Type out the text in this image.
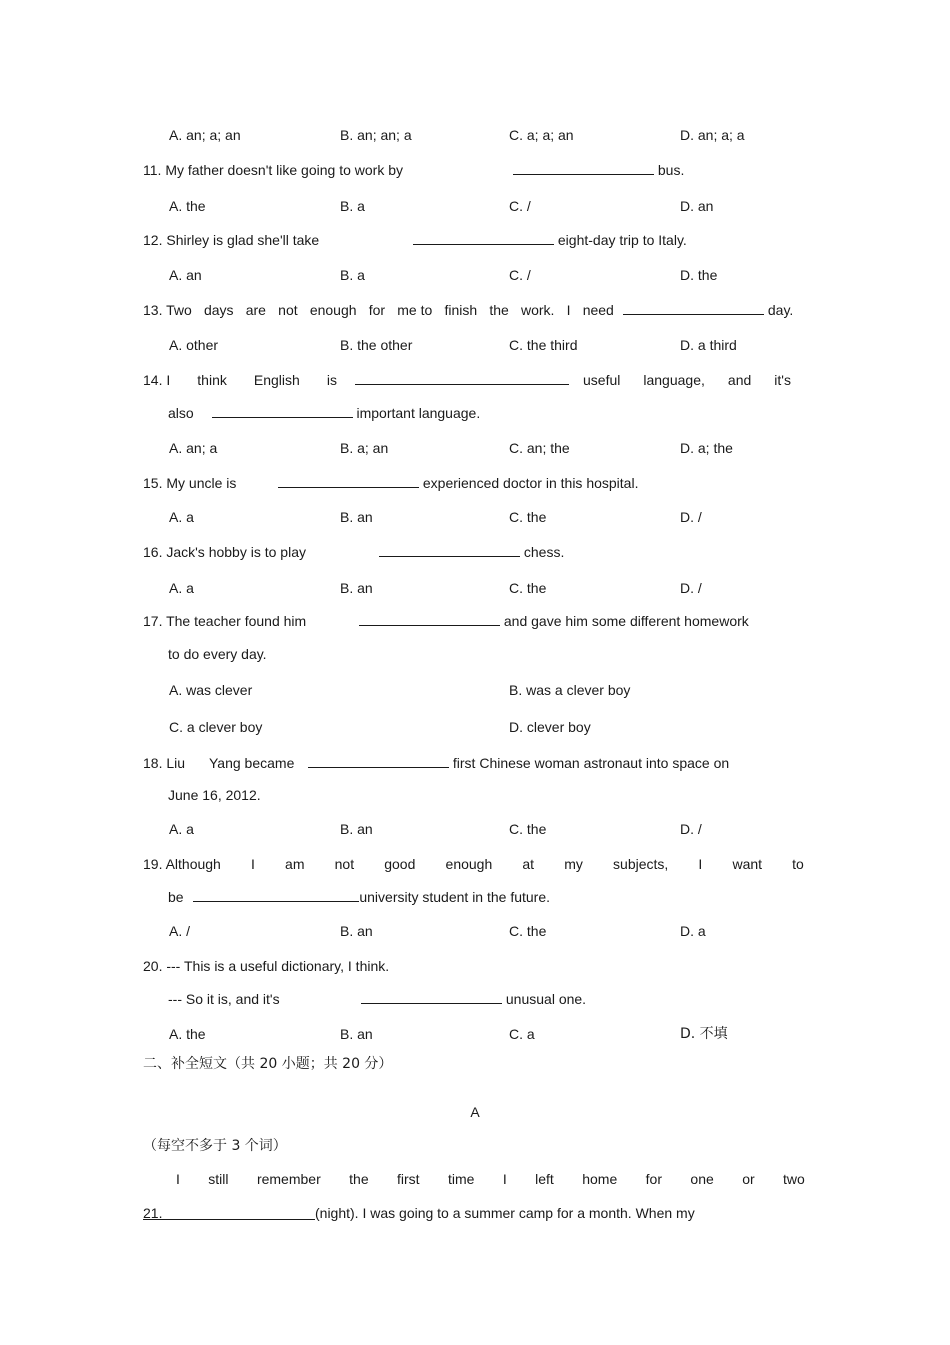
A. an; a; an	B. an; an; a	C. a; a; an	D. an; a; a
11. My father doesn't like going to work by	bus.
A. the	B. a	C. /	D. an
12. Shirley is glad she'll take	eight-day trip to Italy.
A. an	B. a	C. /	D. the
13. Two days are not enough for me to finish the work. I need	day.
A. other	B. the other	C. the third	D. a third
14. I think English is	useful language, and it's
also	important language.
A. an; a	B. a; an	C. an; the	D. a; the
15. My uncle is	experienced doctor in this hospital.
A. a	B. an	C. the	D. /
16. Jack's hobby is to play	chess.
A. a	B. an	C. the	D. /
17. The teacher found him	and gave him some different homework
to do every day.
A. was clever	B. was a clever boy
C. a clever boy	D. clever boy
18. Liu Yang became	first Chinese woman astronaut into space on
June 16, 2012.
A. a	B. an	C. the	D. /
19. Although I am not good enough at my subjects, I want to
be	university student in the future.
A. /	B. an	C. the	D. a
20. --- This is a useful dictionary, I think.
--- So it is, and it's	unusual one.
A. the	B. an	C. a	D. 不填
二、补全短文（共 20 小题；共 20 分）
A
（每空不多于 3 个词）
I still remember the first time I left home for one or two
21.	(night). I was going to a summer camp for a month. When my
